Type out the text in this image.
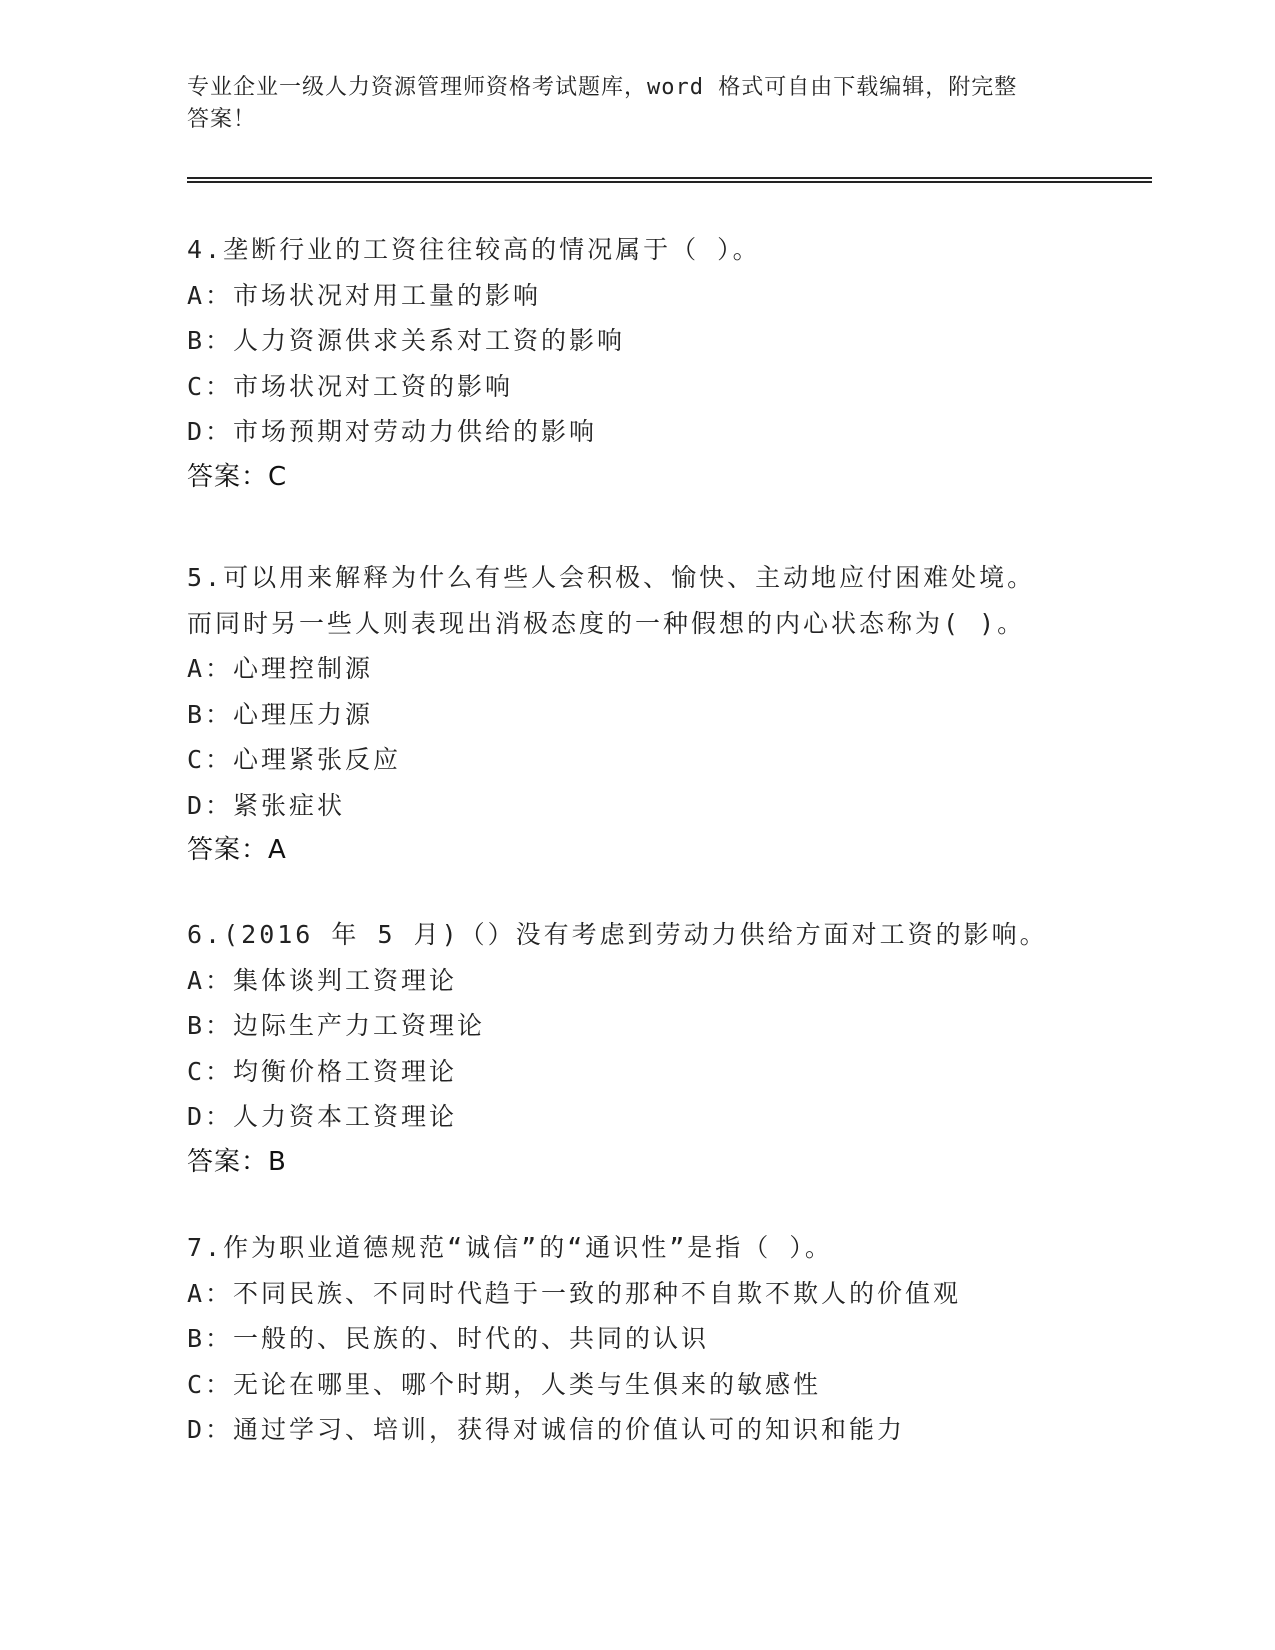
专业企业一级人力资源管理师资格考试题库，word 格式可自由下载编辑，附完整
答案！
4.垄断行业的工资往往较高的情况属于（ ）。
A：市场状况对用工量的影响
B：人力资源供求关系对工资的影响
C：市场状况对工资的影响
D：市场预期对劳动力供给的影响
答案：C
5.可以用来解释为什么有些人会积极、愉快、主动地应付困难处境。
而同时另一些人则表现出消极态度的一种假想的内心状态称为( )。
A：心理控制源
B：心理压力源
C：心理紧张反应
D：紧张症状
答案：A
6.(2016 年 5 月)（）没有考虑到劳动力供给方面对工资的影响。
A：集体谈判工资理论
B：边际生产力工资理论
C：均衡价格工资理论
D：人力资本工资理论
答案：B
7.作为职业道德规范“诚信”的“通识性”是指（ ）。
A：不同民族、不同时代趋于一致的那种不自欺不欺人的价值观
B：一般的、民族的、时代的、共同的认识
C：无论在哪里、哪个时期，人类与生俱来的敏感性
D：通过学习、培训，获得对诚信的价值认可的知识和能力
